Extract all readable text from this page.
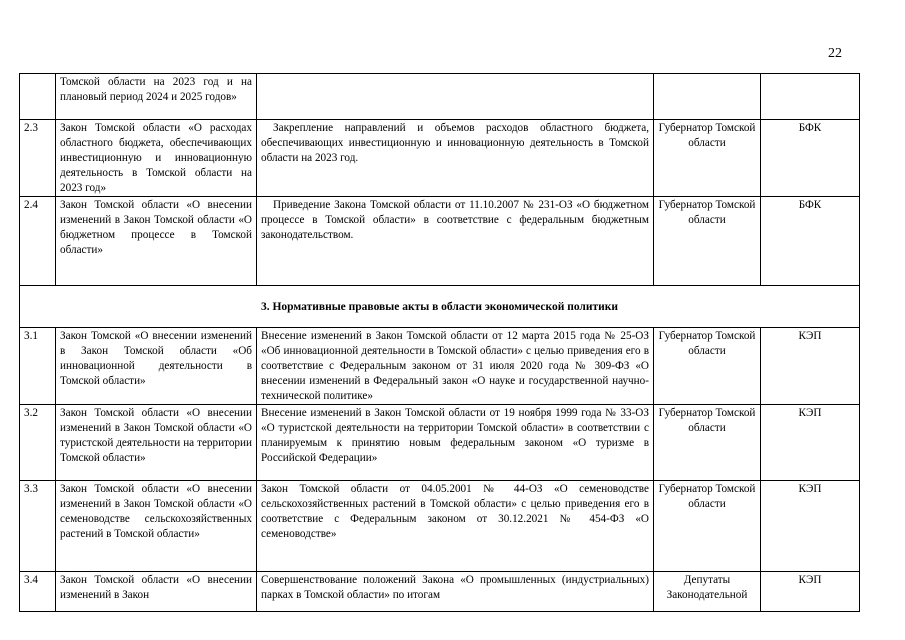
22

	Томской области на 2023 год и на плановый период 2024 и 2025 годов»			

2.3	Закон Томской области «О расходах областного бюджета, обеспечивающих инвестиционную и инновационную деятельность в Томской области на 2023 год»	Закрепление направлений и объемов расходов областного бюджета, обеспечивающих инвестиционную и инновационную деятельность в Томской области на 2023 год.	Губернатор Томской области	БФК
2.4	Закон Томской области «О внесении изменений в Закон Томской области «О бюджетном процессе в Томской области»	Приведение Закона Томской области от 11.10.2007 № 231-ОЗ «О бюджетном процессе в Томской области» в соответствие с федеральным бюджетным законодательством.	Губернатор Томской области	БФК
3. Нормативные правовые акты в области экономической политики				
3.1	Закон Томской «О внесении изменений в Закон Томской области «Об инновационной деятельности в Томской области»	Внесение изменений в Закон Томской области от 12 марта 2015 года № 25-ОЗ «Об инновационной деятельности в Томской области» с целью приведения его в соответствие с Федеральным законом от 31 июля 2020 года № 309-ФЗ «О внесении изменений в Федеральный закон «О науке и государственной научно-технической политике»	Губернатор Томской области	КЭП
3.2	Закон Томской области «О внесении изменений в Закон Томской области «О туристской деятельности на территории Томской области»	Внесение изменений в Закон Томской области от 19 ноября 1999 года № 33-ОЗ «О туристской деятельности на территории Томской области» в соответствии с планируемым к принятию новым федеральным законом «О туризме в Российской Федерации»	Губернатор Томской области	КЭП
3.3	Закон Томской области «О внесении изменений в Закон Томской области «О семеноводстве сельскохозяйственных растений в Томской области»	Закон Томской области от 04.05.2001 № 44-ОЗ «О семеноводстве сельскохозяйственных растений в Томской области» с целью приведения его в соответствие с Федеральным законом от 30.12.2021 № 454-ФЗ «О семеноводстве»	Губернатор Томской области	КЭП
3.4	Закон Томской области «О внесении изменений в Закон	Совершенствование положений Закона «О промышленных (индустриальных) парках в Томской области» по итогам	Депутаты Законодательной	КЭП
